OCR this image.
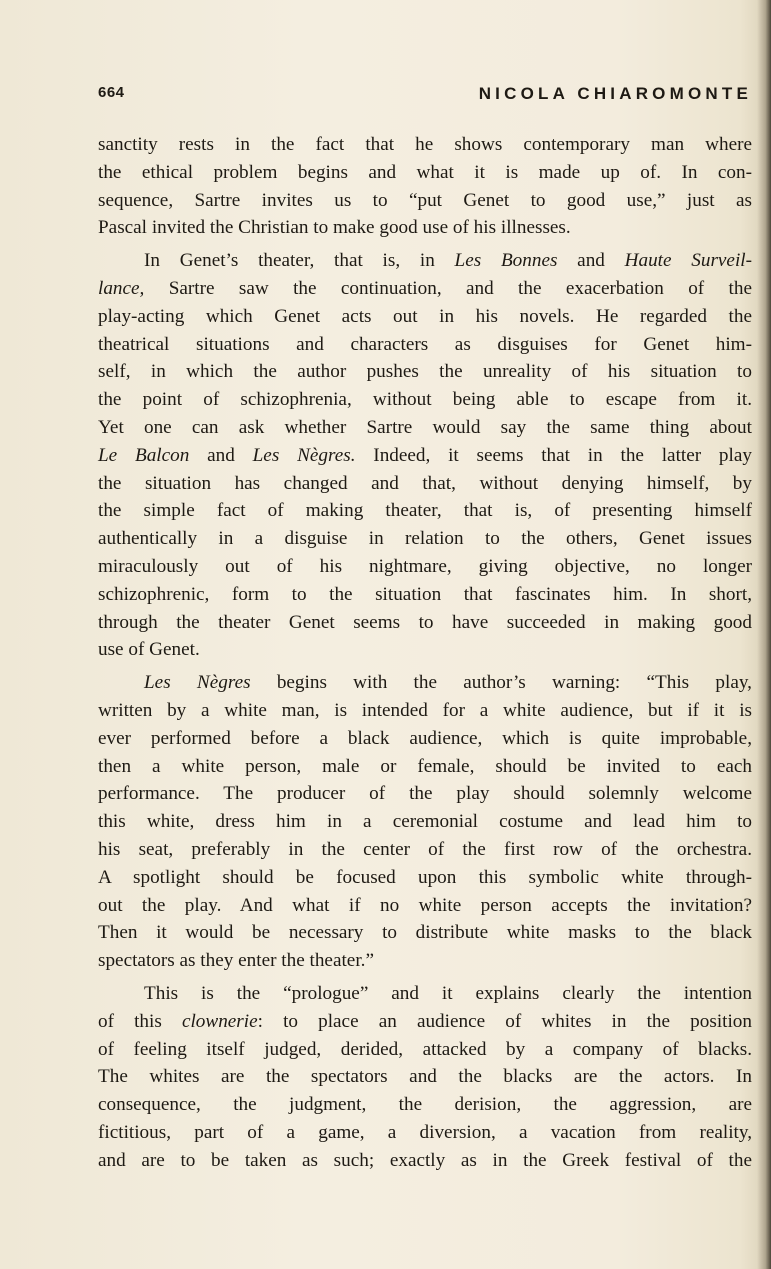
664	NICOLA CHIAROMONTE
sanctity rests in the fact that he shows contemporary man where
the ethical problem begins and what it is made up of. In con-
sequence, Sartre invites us to “put Genet to good use,” just as
Pascal invited the Christian to make good use of his illnesses.
In Genet’s theater, that is, in Les Bonnes and Haute Surveil-
lance, Sartre saw the continuation, and the exacerbation of the
play-acting which Genet acts out in his novels. He regarded the
theatrical situations and characters as disguises for Genet him-
self, in which the author pushes the unreality of his situation to
the point of schizophrenia, without being able to escape from it.
Yet one can ask whether Sartre would say the same thing about
Le Balcon and Les Nègres. Indeed, it seems that in the latter play
the situation has changed and that, without denying himself, by
the simple fact of making theater, that is, of presenting himself
authentically in a disguise in relation to the others, Genet issues
miraculously out of his nightmare, giving objective, no longer
schizophrenic, form to the situation that fascinates him. In short,
through the theater Genet seems to have succeeded in making good
use of Genet.
Les Nègres begins with the author’s warning: “This play,
written by a white man, is intended for a white audience, but if it is
ever performed before a black audience, which is quite improbable,
then a white person, male or female, should be invited to each
performance. The producer of the play should solemnly welcome
this white, dress him in a ceremonial costume and lead him to
his seat, preferably in the center of the first row of the orchestra.
A spotlight should be focused upon this symbolic white through-
out the play. And what if no white person accepts the invitation?
Then it would be necessary to distribute white masks to the black
spectators as they enter the theater.”
This is the “prologue” and it explains clearly the intention
of this clownerie: to place an audience of whites in the position
of feeling itself judged, derided, attacked by a company of blacks.
The whites are the spectators and the blacks are the actors. In
consequence, the judgment, the derision, the aggression, are
fictitious, part of a game, a diversion, a vacation from reality,
and are to be taken as such; exactly as in the Greek festival of the
